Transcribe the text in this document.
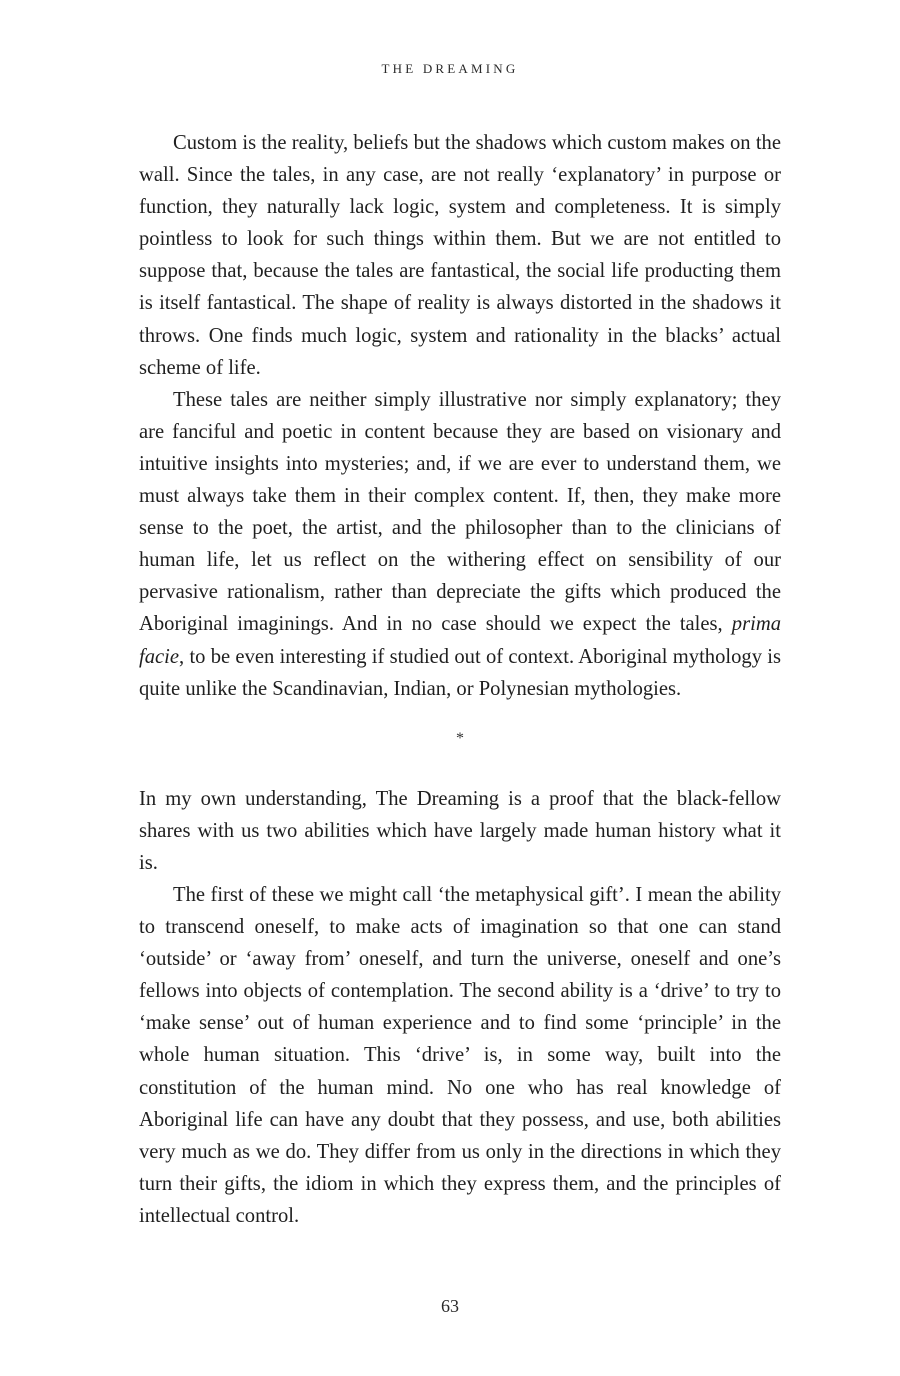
THE DREAMING

Custom is the reality, beliefs but the shadows which custom makes on the wall. Since the tales, in any case, are not really ‘explanatory’ in purpose or function, they naturally lack logic, system and completeness. It is simply pointless to look for such things within them. But we are not entitled to suppose that, because the tales are fantastical, the social life producting them is itself fantastical. The shape of reality is always distorted in the shadows it throws. One finds much logic, system and rationality in the blacks’ actual scheme of life.

These tales are neither simply illustrative nor simply explanatory; they are fanciful and poetic in content because they are based on visionary and intuitive insights into mysteries; and, if we are ever to understand them, we must always take them in their complex content. If, then, they make more sense to the poet, the artist, and the philosopher than to the clinicians of human life, let us reflect on the withering effect on sensibility of our pervasive rationalism, rather than depreciate the gifts which produced the Aboriginal imaginings. And in no case should we expect the tales, prima facie, to be even interesting if studied out of context. Aboriginal mythology is quite unlike the Scandinavian, Indian, or Polynesian mythologies.

*

In my own understanding, The Dreaming is a proof that the black-fellow shares with us two abilities which have largely made human history what it is.

The first of these we might call ‘the metaphysical gift’. I mean the ability to transcend oneself, to make acts of imagination so that one can stand ‘outside’ or ‘away from’ oneself, and turn the universe, oneself and one’s fellows into objects of contemplation. The second ability is a ‘drive’ to try to ‘make sense’ out of human experience and to find some ‘principle’ in the whole human situation. This ‘drive’ is, in some way, built into the constitution of the human mind. No one who has real knowledge of Aboriginal life can have any doubt that they possess, and use, both abilities very much as we do. They differ from us only in the directions in which they turn their gifts, the idiom in which they express them, and the principles of intellectual control.

63
